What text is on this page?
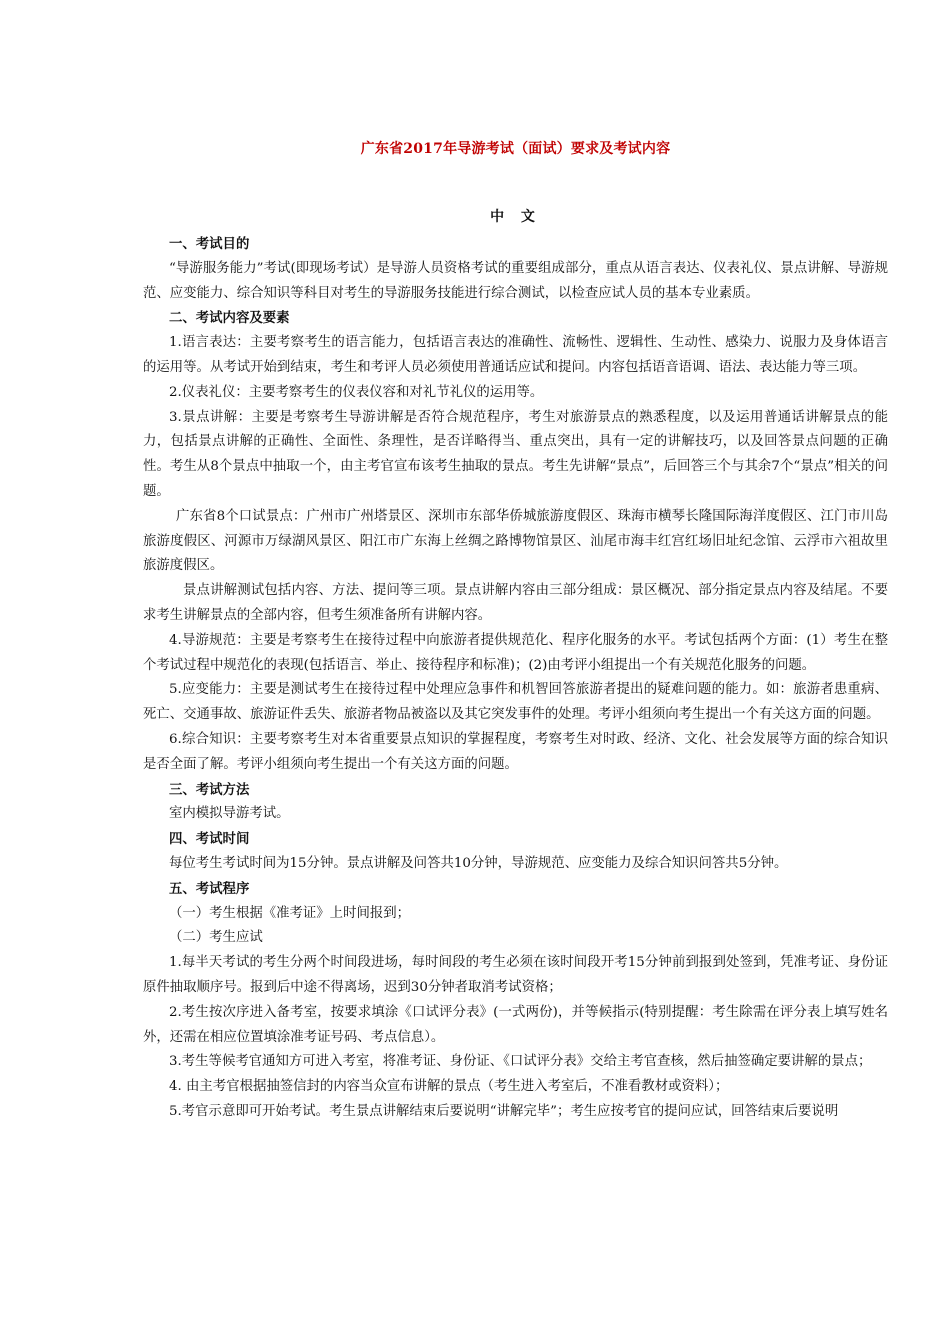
广东省2017年导游考试（面试）要求及考试内容
中 文

一、考试目的

“导游服务能力”考试(即现场考试）是导游人员资格考试的重要组成部分，重点从语言表达、仪表礼仪、景点讲解、导游规范、应变能力、综合知识等科目对考生的导游服务技能进行综合测试，以检查应试人员的基本专业素质。

二、考试内容及要素

1.语言表达：主要考察考生的语言能力，包括语言表达的准确性、流畅性、逻辑性、生动性、感染力、说服力及身体语言的运用等。从考试开始到结束，考生和考评人员必须使用普通话应试和提问。内容包括语音语调、语法、表达能力等三项。

2.仪表礼仪：主要考察考生的仪表仪容和对礼节礼仪的运用等。

3.景点讲解：主要是考察考生导游讲解是否符合规范程序，考生对旅游景点的熟悉程度，以及运用普通话讲解景点的能力，包括景点讲解的正确性、全面性、条理性，是否详略得当、重点突出，具有一定的讲解技巧，以及回答景点问题的正确性。考生从8个景点中抽取一个，由主考官宣布该考生抽取的景点。考生先讲解“景点”，后回答三个与其余7个“景点”相关的问题。

广东省8个口试景点：广州市广州塔景区、深圳市东部华侨城旅游度假区、珠海市横琴长隆国际海洋度假区、江门市川岛旅游度假区、河源市万绿湖风景区、阳江市广东海上丝绸之路博物馆景区、汕尾市海丰红宫红场旧址纪念馆、云浮市六祖故里旅游度假区。

景点讲解测试包括内容、方法、提问等三项。景点讲解内容由三部分组成：景区概况、部分指定景点内容及结尾。不要求考生讲解景点的全部内容，但考生须准备所有讲解内容。

4.导游规范：主要是考察考生在接待过程中向旅游者提供规范化、程序化服务的水平。考试包括两个方面：(1）考生在整个考试过程中规范化的表现(包括语言、举止、接待程序和标准)；(2)由考评小组提出一个有关规范化服务的问题。

5.应变能力：主要是测试考生在接待过程中处理应急事件和机智回答旅游者提出的疑难问题的能力。如：旅游者患重病、死亡、交通事故、旅游证件丢失、旅游者物品被盗以及其它突发事件的处理。考评小组须向考生提出一个有关这方面的问题。

6.综合知识：主要考察考生对本省重要景点知识的掌握程度，考察考生对时政、经济、文化、社会发展等方面的综合知识是否全面了解。考评小组须向考生提出一个有关这方面的问题。

三、考试方法

室内模拟导游考试。

四、考试时间

每位考生考试时间为15分钟。景点讲解及问答共10分钟，导游规范、应变能力及综合知识问答共5分钟。

五、考试程序

（一）考生根据《准考证》上时间报到；

（二）考生应试

1.每半天考试的考生分两个时间段进场，每时间段的考生必须在该时间段开考15分钟前到报到处签到，凭准考证、身份证原件抽取顺序号。报到后中途不得离场，迟到30分钟者取消考试资格；

2.考生按次序进入备考室，按要求填涂《口试评分表》(一式两份)，并等候指示(特别提醒：考生除需在评分表上填写姓名外，还需在相应位置填涂准考证号码、考点信息）。

3.考生等候考官通知方可进入考室，将准考证、身份证、《口试评分表》交给主考官查核，然后抽签确定要讲解的景点；

4. 由主考官根据抽签信封的内容当众宣布讲解的景点（考生进入考室后，不准看教材或资料）；

5.考官示意即可开始考试。考生景点讲解结束后要说明“讲解完毕”；考生应按考官的提问应试，回答结束后要说明
